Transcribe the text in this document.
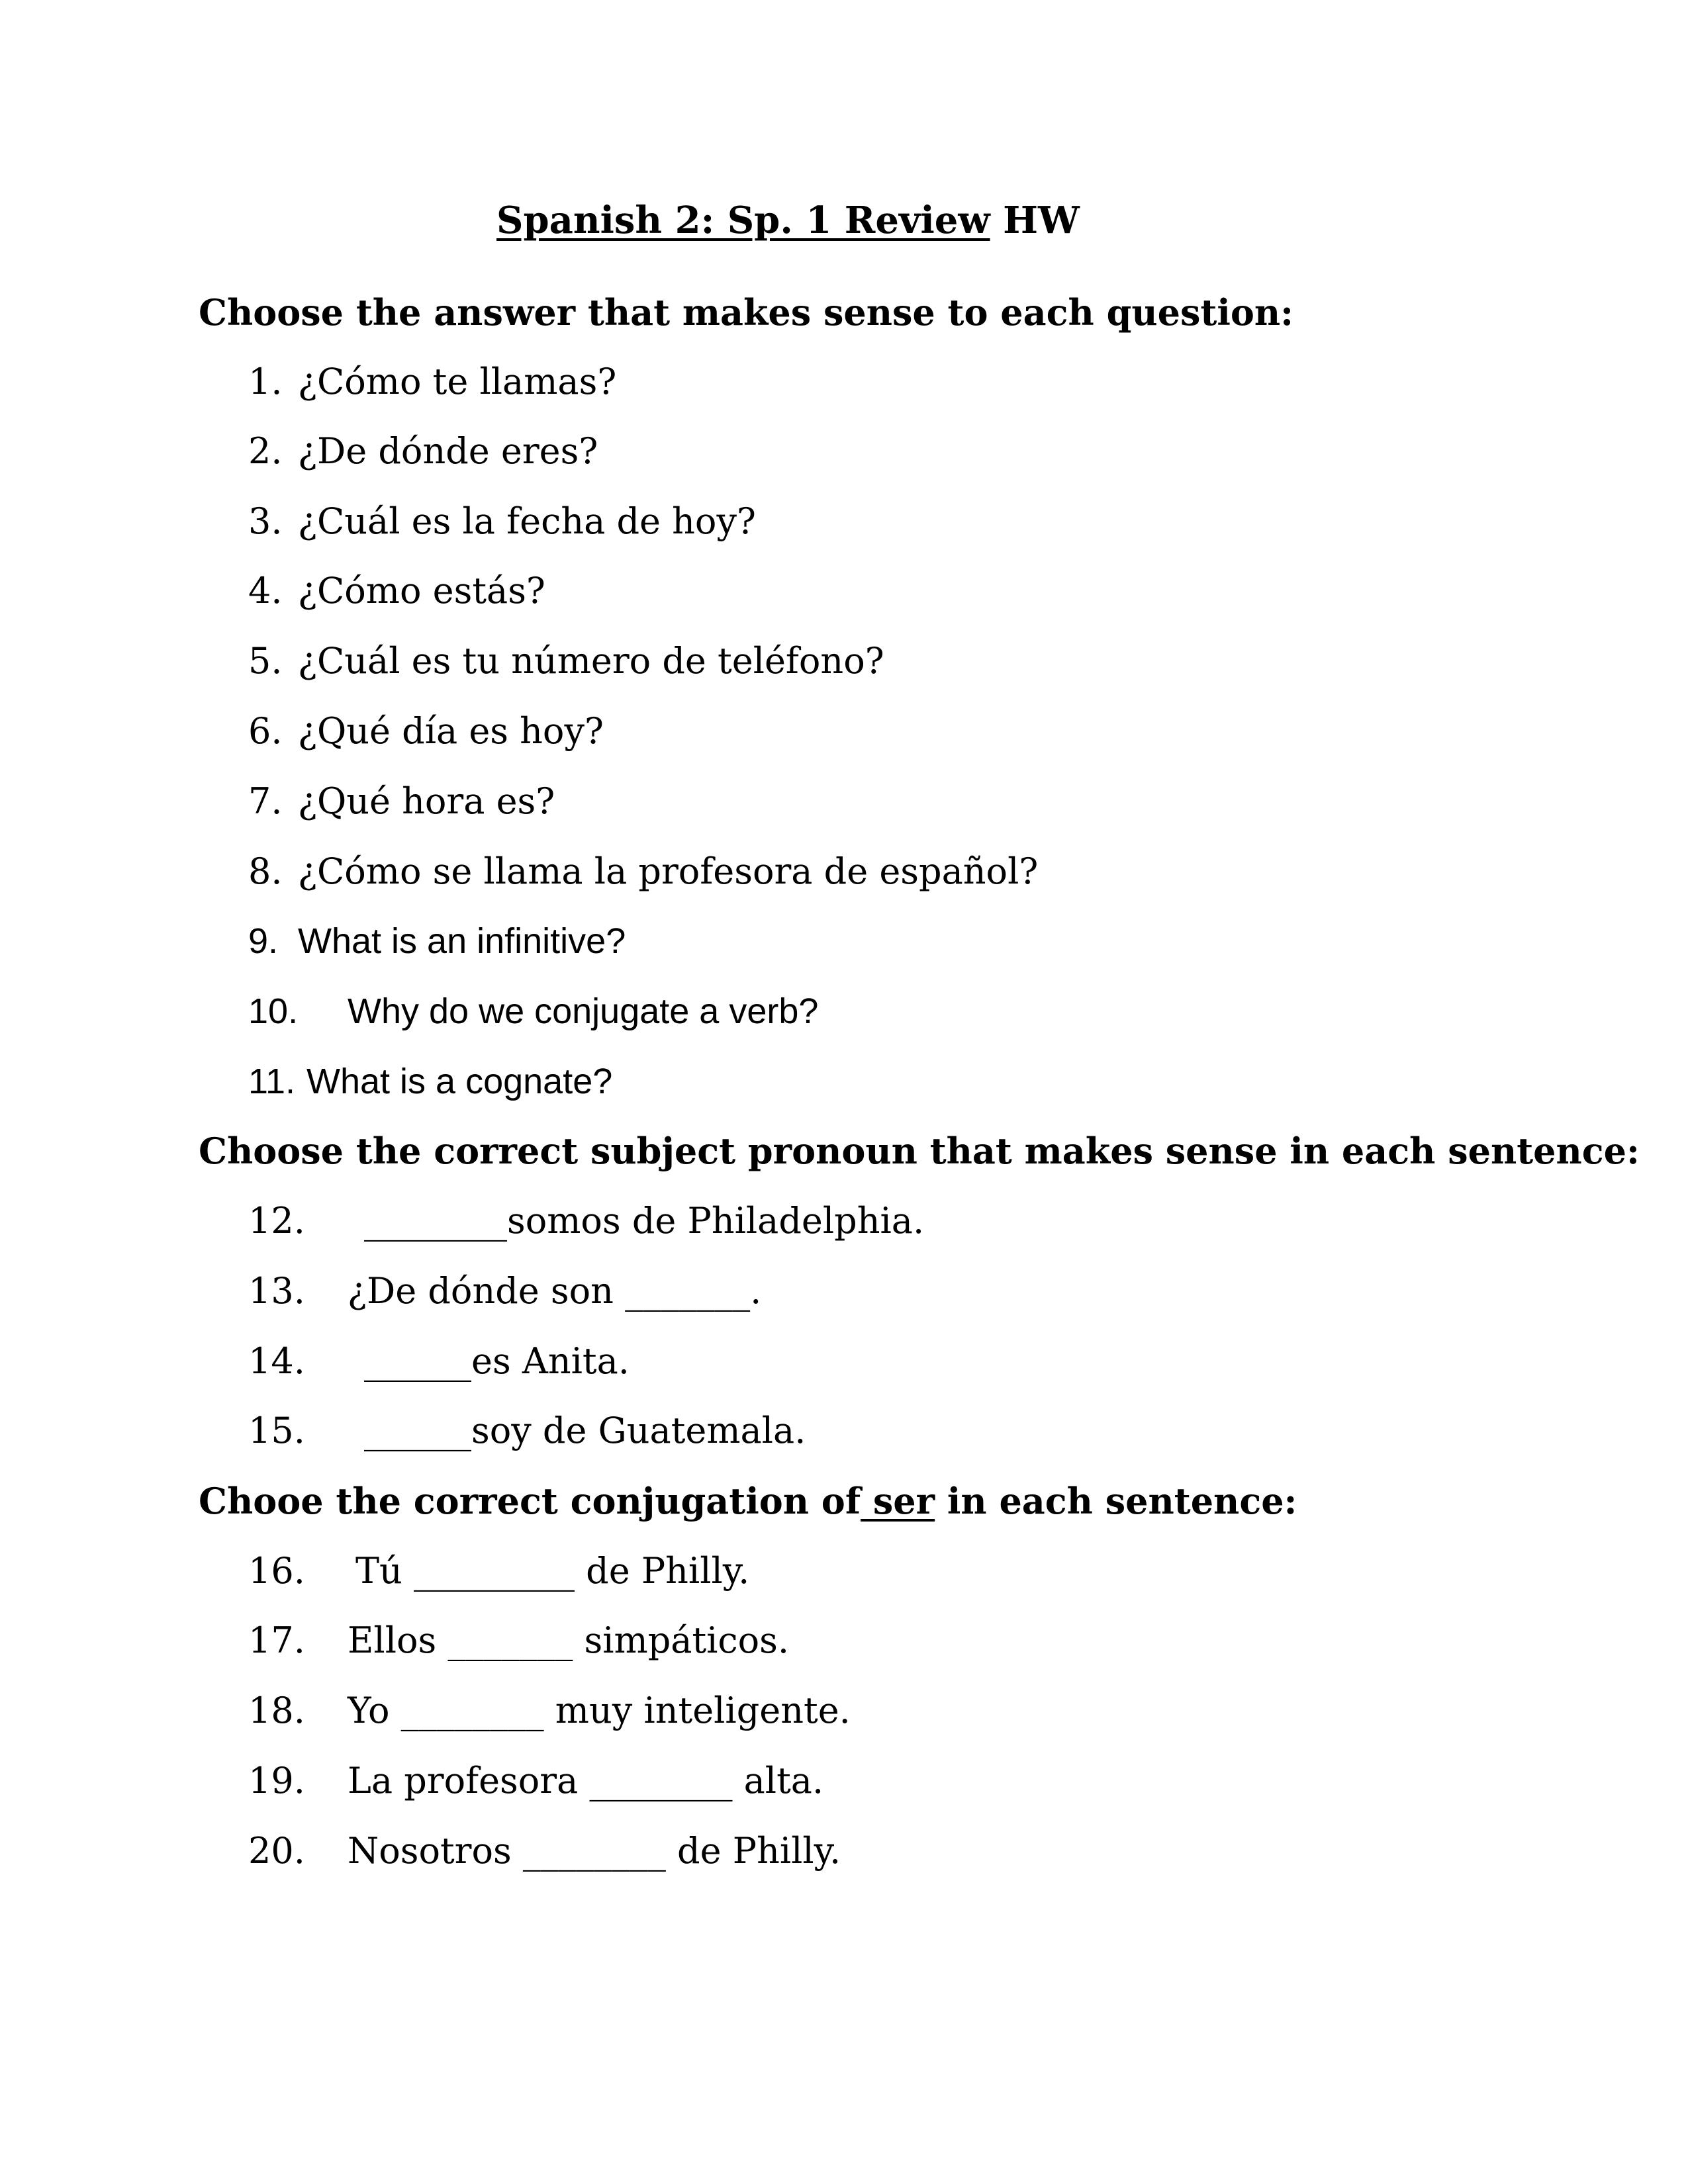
Spanish 2: Sp. 1 Review HW
Choose the answer that makes sense to each question:
1. ¿Cómo te llamas?
2. ¿De dónde eres?
3. ¿Cuál es la fecha de hoy?
4. ¿Cómo estás?
5. ¿Cuál es tu número de teléfono?
6. ¿Qué día es hoy?
7. ¿Qué hora es?
8. ¿Cómo se llama la profesora de español?
9. What is an infinitive?
10. Why do we conjugate a verb?
11. What is a cognate?
Choose the correct subject pronoun that makes sense in each sentence:
12. ________somos de Philadelphia.
13. ¿De dónde son _______.
14. ______es Anita.
15. ______soy de Guatemala.
Chooe the correct conjugation of ser in each sentence:
16. Tú _________ de Philly.
17. Ellos _______ simpáticos.
18. Yo ________ muy inteligente.
19. La profesora ________ alta.
20. Nosotros ________ de Philly.
